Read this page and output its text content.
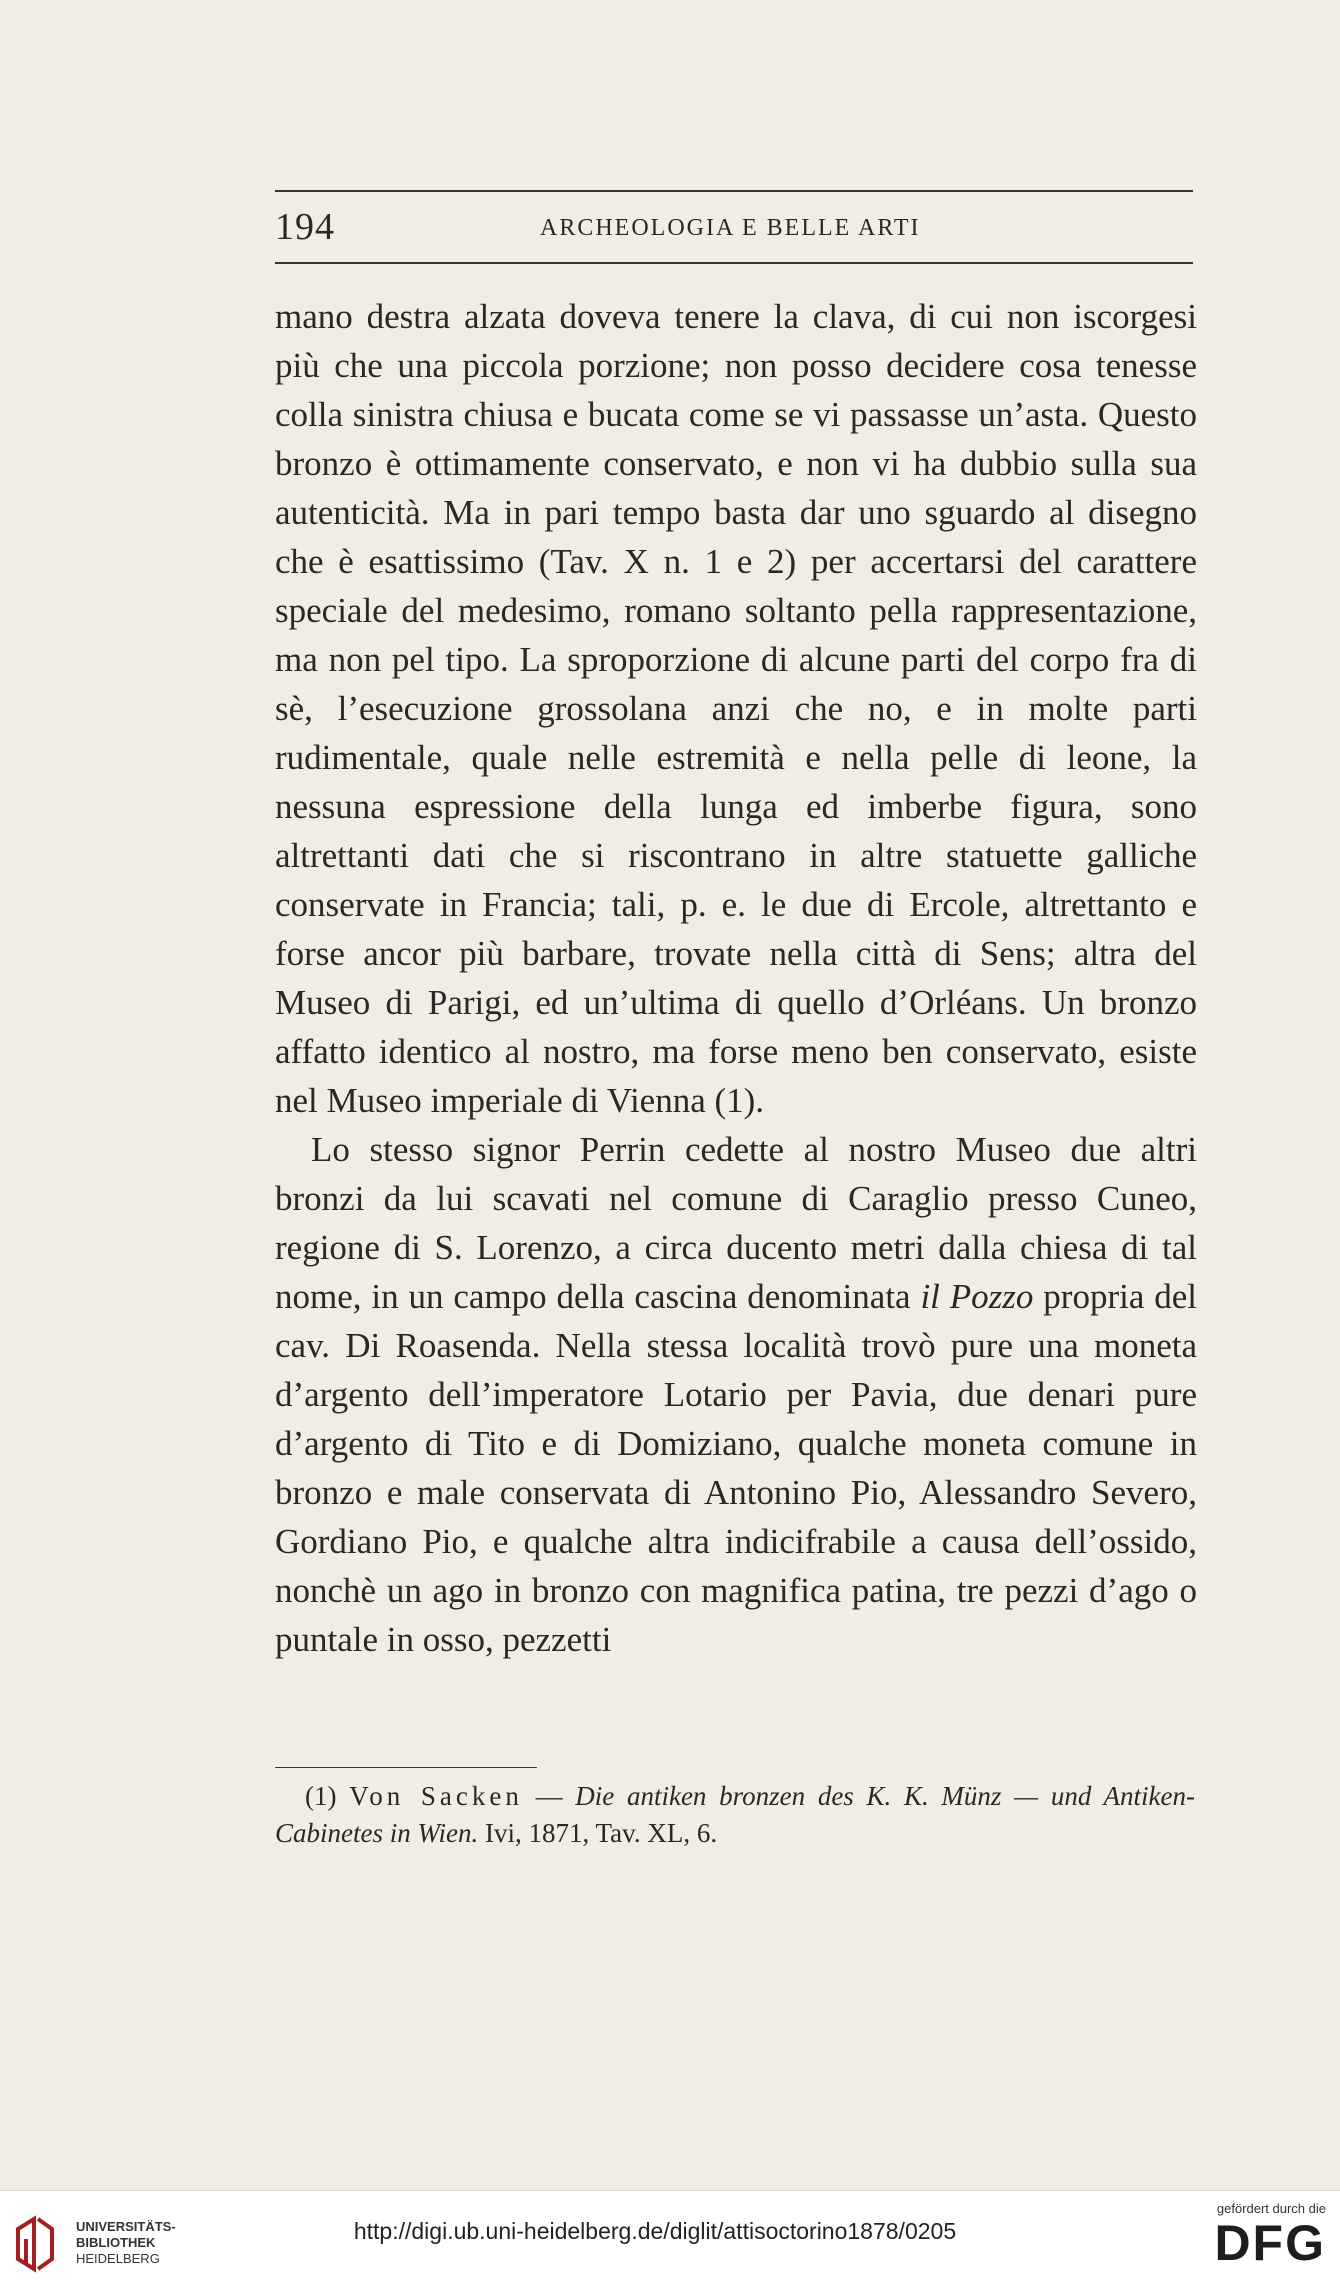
194	ARCHEOLOGIA E BELLE ARTI

mano destra alzata doveva tenere la clava, di cui non iscorgesi più che una piccola porzione; non posso decidere cosa tenesse colla sinistra chiusa e bucata come se vi passasse un’asta. Questo bronzo è ottimamente conservato, e non vi ha dubbio sulla sua autenticità. Ma in pari tempo basta dar uno sguardo al disegno che è esattissimo (Tav. X n. 1 e 2) per accertarsi del carattere speciale del medesimo, romano soltanto pella rappresentazione, ma non pel tipo. La sproporzione di alcune parti del corpo fra di sè, l’esecuzione grossolana anzi che no, e in molte parti rudimentale, quale nelle estremità e nella pelle di leone, la nessuna espressione della lunga ed imberbe figura, sono altrettanti dati che si riscontrano in altre statuette galliche conservate in Francia; tali, p. e. le due di Ercole, altrettanto e forse ancor più barbare, trovate nella città di Sens; altra del Museo di Parigi, ed un’ultima di quello d’Orléans. Un bronzo affatto identico al nostro, ma forse meno ben conservato, esiste nel Museo imperiale di Vienna (1).

Lo stesso signor Perrin cedette al nostro Museo due altri bronzi da lui scavati nel comune di Caraglio presso Cuneo, regione di S. Lorenzo, a circa ducento metri dalla chiesa di tal nome, in un campo della cascina denominata il Pozzo propria del cav. Di Roasenda. Nella stessa località trovò pure una moneta d’argento dell’imperatore Lotario per Pavia, due denari pure d’argento di Tito e di Domiziano, qualche moneta comune in bronzo e male conservata di Antonino Pio, Alessandro Severo, Gordiano Pio, e qualche altra indicifrabile a causa dell’ossido, nonchè un ago in bronzo con magnifica patina, tre pezzi d’ago o puntale in osso, pezzetti

(1) Von Sacken — Die antiken bronzen des K. K. Münz — und Antiken-Cabinetes in Wien. Ivi, 1871, Tav. XL, 6.
UNIVERSITÄTS-
BIBLIOTHEK
HEIDELBERG
http://digi.ub.uni-heidelberg.de/diglit/attisoctorino1878/0205
gefördert durch die
DFG
